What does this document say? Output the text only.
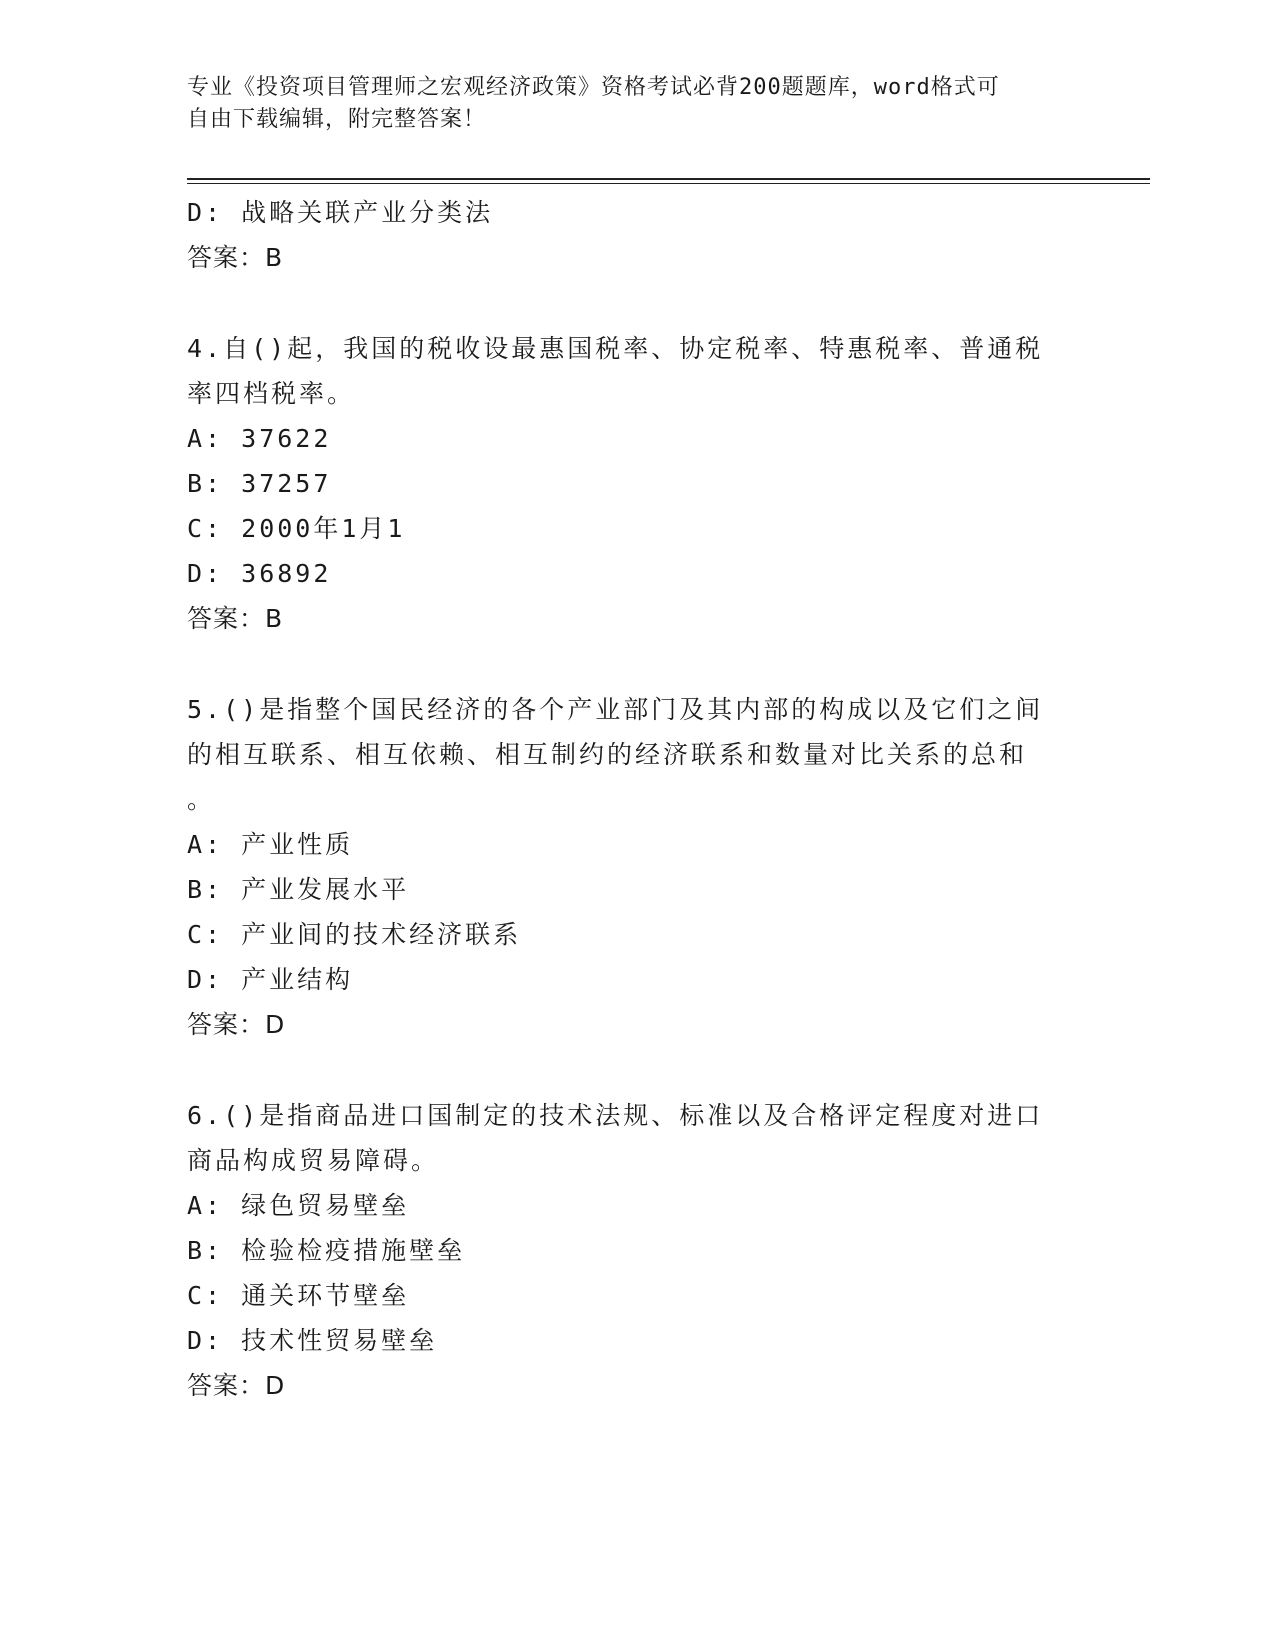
专业《投资项目管理师之宏观经济政策》资格考试必背200题题库，word格式可
自由下载编辑，附完整答案！
D: 战略关联产业分类法
答案：B
4.自()起，我国的税收设最惠国税率、协定税率、特惠税率、普通税
率四档税率。
A: 37622
B: 37257
C: 2000年1月1
D: 36892
答案：B
5.()是指整个国民经济的各个产业部门及其内部的构成以及它们之间
的相互联系、相互依赖、相互制约的经济联系和数量对比关系的总和
。
A: 产业性质
B: 产业发展水平
C: 产业间的技术经济联系
D: 产业结构
答案：D
6.()是指商品进口国制定的技术法规、标准以及合格评定程度对进口
商品构成贸易障碍。
A: 绿色贸易壁垒
B: 检验检疫措施壁垒
C: 通关环节壁垒
D: 技术性贸易壁垒
答案：D
